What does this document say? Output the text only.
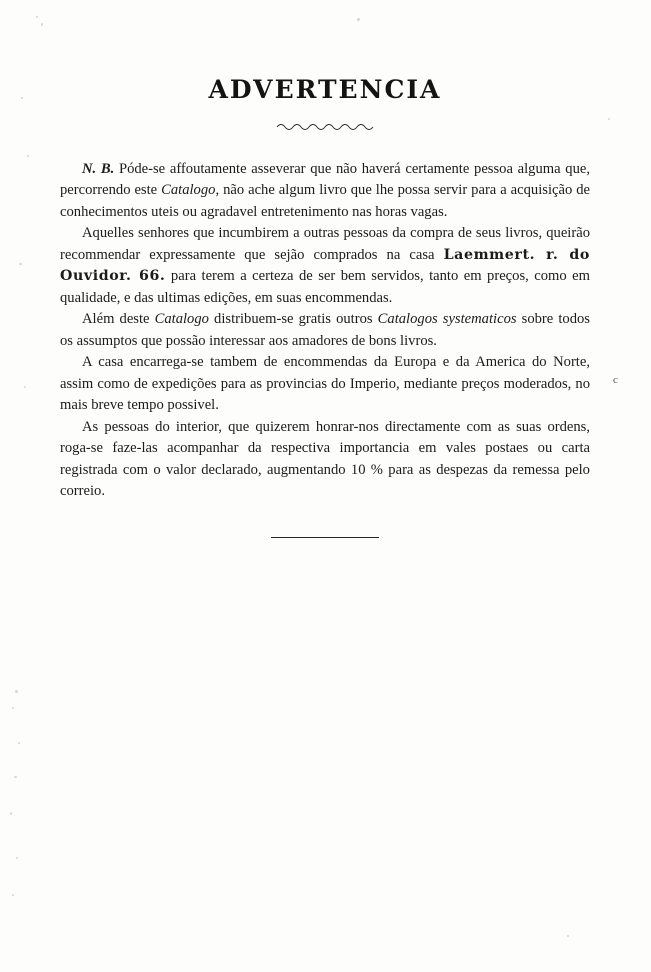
ADVERTENCIA

N. B. Póde-se affoutamente asseverar que não haverá certamente pessoa alguma que, percorrendo este Catalogo, não ache algum livro que lhe possa servir para a acquisição de conhecimentos uteis ou agradavel entretenimento nas horas vagas.

Aquelles senhores que incumbirem a outras pessoas da compra de seus livros, queirão recommendar expressamente que sejão comprados na casa Laemmert. r. do Ouvidor. 66. para terem a certeza de ser bem servidos, tanto em preços, como em qualidade, e das ultimas edições, em suas encommendas.

Além deste Catalogo distribuem-se gratis outros Catalogos systematicos sobre todos os assumptos que possão interessar aos amadores de bons livros.

A casa encarrega-se tambem de encommendas da Europa e da America do Norte, assim como de expedições para as provincias do Imperio, mediante preços moderados, no mais breve tempo possivel.

As pessoas do interior, que quizerem honrar-nos directamente com as suas ordens, roga-se faze-las acompanhar da respectiva importancia em vales postaes ou carta registrada com o valor declarado, augmentando 10 % para as despezas da remessa pelo correio.

c
